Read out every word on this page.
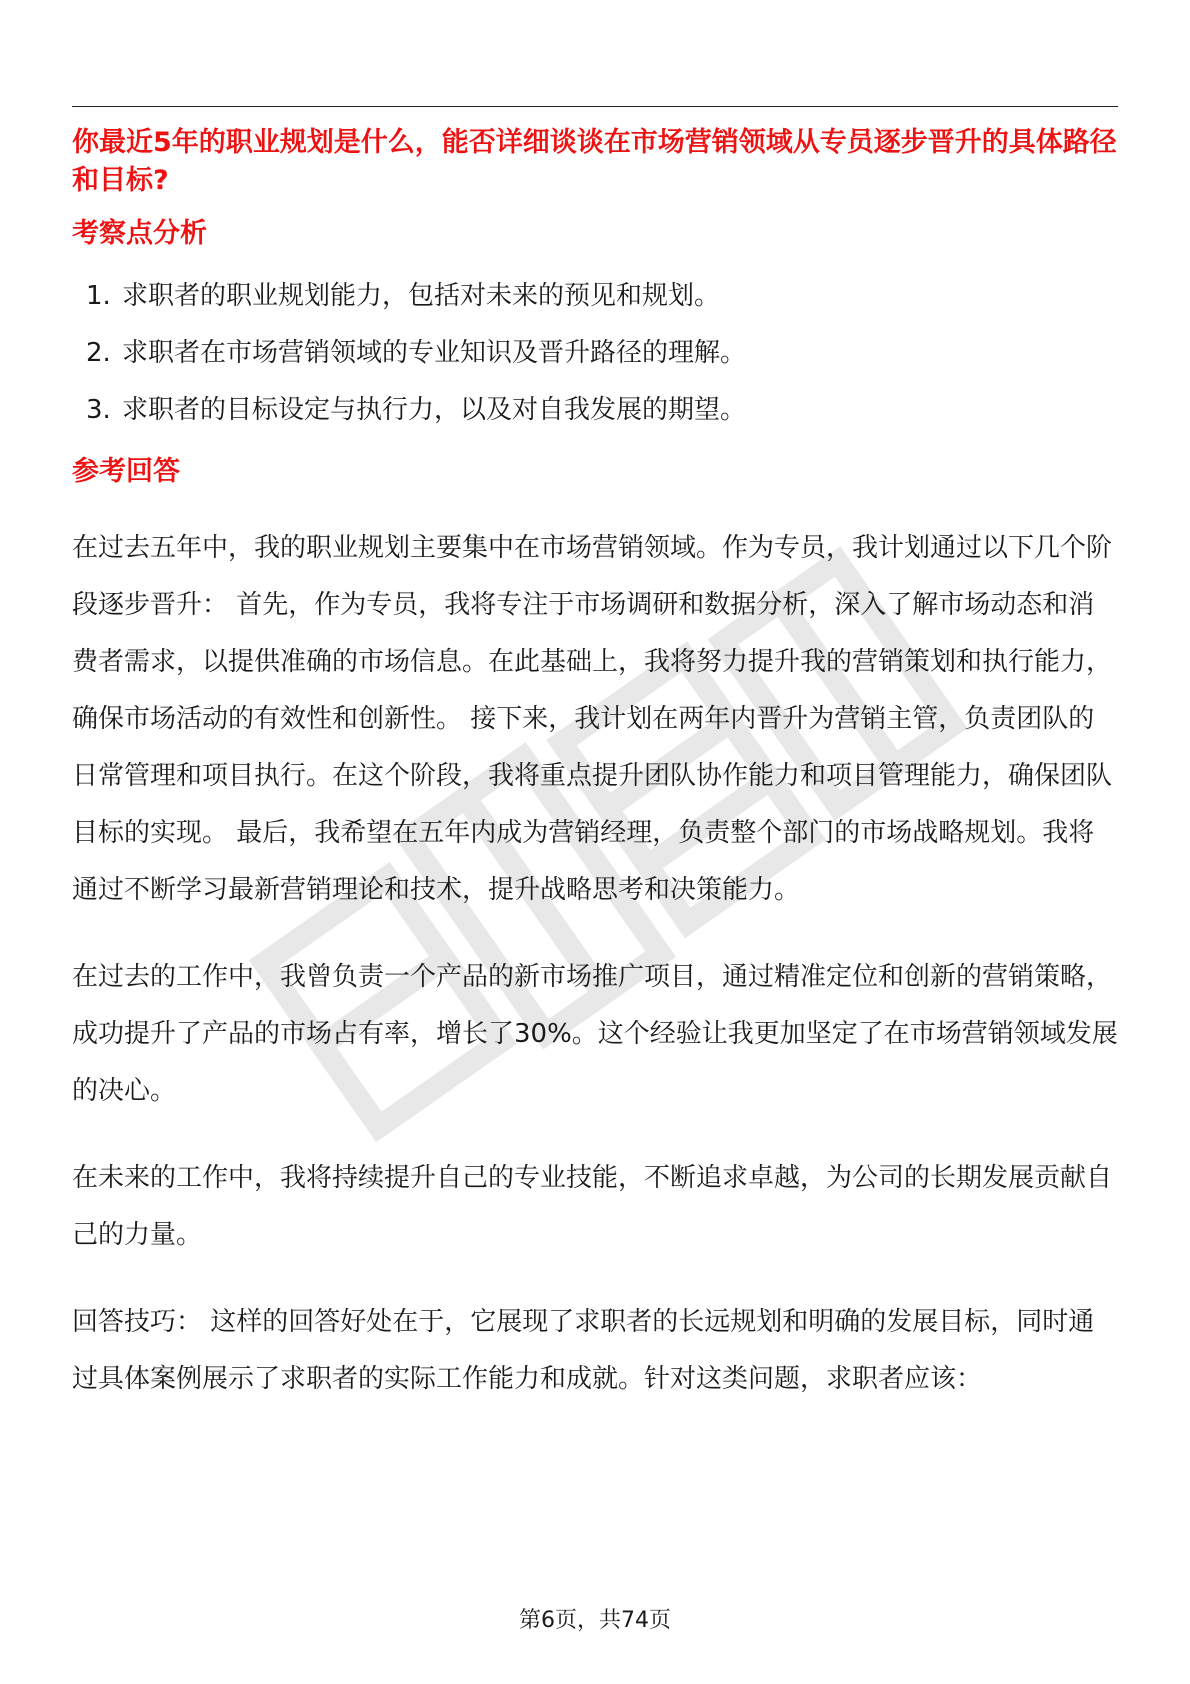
你最近5年的职业规划是什么，能否详细谈谈在市场营销领域从专员逐步晋升的具体路径和目标?
考察点分析
1. 求职者的职业规划能力，包括对未来的预见和规划。
2. 求职者在市场营销领域的专业知识及晋升路径的理解。
3. 求职者的目标设定与执行力，以及对自我发展的期望。
参考回答

在过去五年中，我的职业规划主要集中在市场营销领域。作为专员，我计划通过以下几个阶段逐步晋升： 首先，作为专员，我将专注于市场调研和数据分析，深入了解市场动态和消费者需求，以提供准确的市场信息。在此基础上，我将努力提升我的营销策划和执行能力，确保市场活动的有效性和创新性。 接下来，我计划在两年内晋升为营销主管，负责团队的日常管理和项目执行。在这个阶段，我将重点提升团队协作能力和项目管理能力，确保团队目标的实现。 最后，我希望在五年内成为营销经理，负责整个部门的市场战略规划。我将通过不断学习最新营销理论和技术，提升战略思考和决策能力。

在过去的工作中，我曾负责一个产品的新市场推广项目，通过精准定位和创新的营销策略，成功提升了产品的市场占有率，增长了30%。这个经验让我更加坚定了在市场营销领域发展的决心。

在未来的工作中，我将持续提升自己的专业技能，不断追求卓越，为公司的长期发展贡献自己的力量。

回答技巧： 这样的回答好处在于，它展现了求职者的长远规划和明确的发展目标，同时通过具体案例展示了求职者的实际工作能力和成就。针对这类问题，求职者应该：

第6页，共74页
